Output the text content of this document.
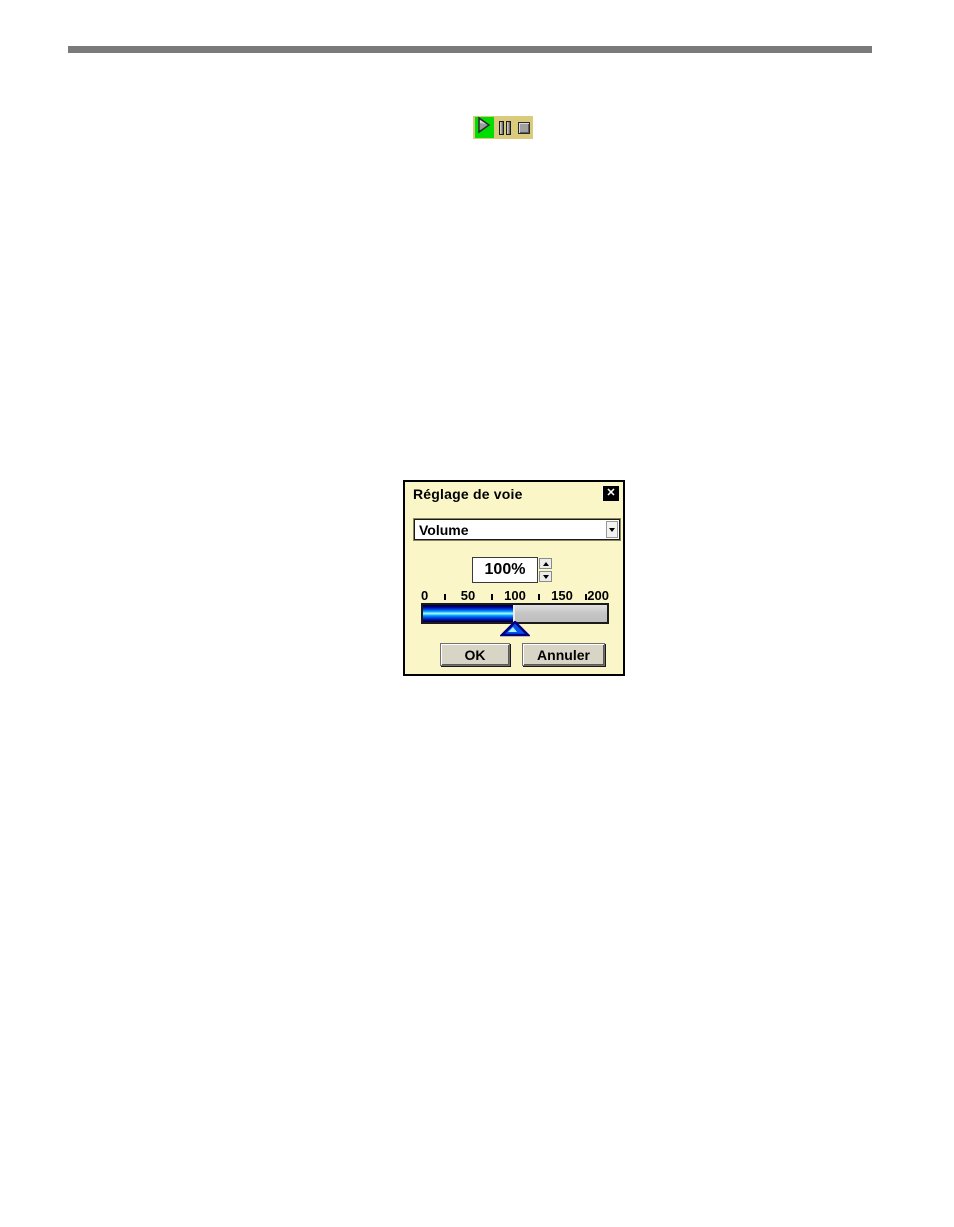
Réglage de voie	✕
Volume
100%
0	50 100 150 200
OK	Annuler
